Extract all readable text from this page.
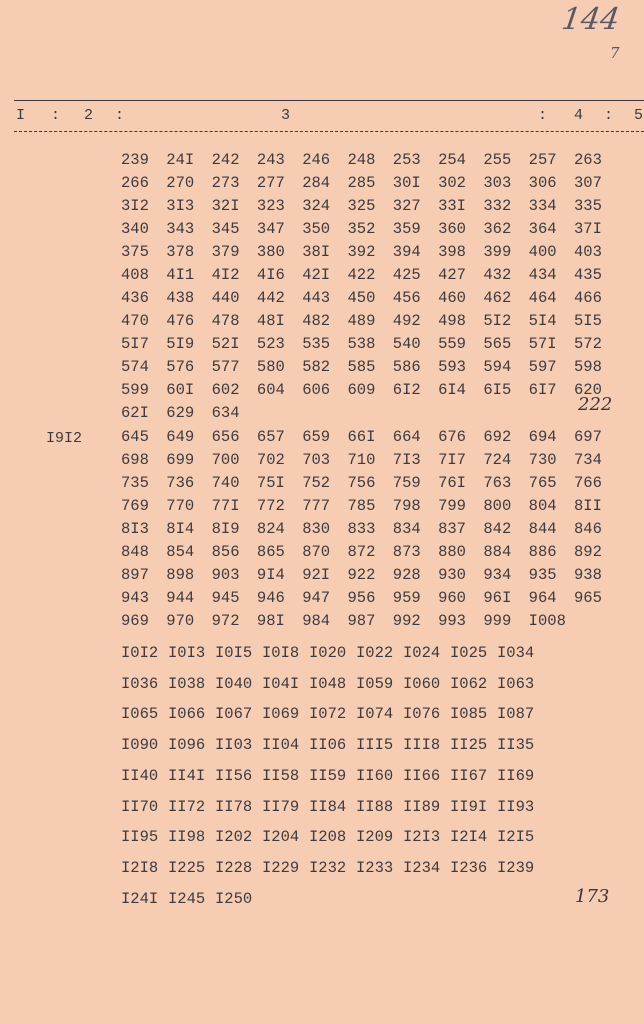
144
7
I : 2 :	3	: 4 : 5
I9I2
239 24I 242 243 246 248 253 254 255 257 263
266 270 273 277 284 285 30I 302 303 306 307
3I2 3I3 32I 323 324 325 327 33I 332 334 335
340 343 345 347 350 352 359 360 362 364 37I
375 378 379 380 38I 392 394 398 399 400 403
408 4I1 4I2 4I6 42I 422 425 427 432 434 435
436 438 440 442 443 450 456 460 462 464 466
470 476 478 48I 482 489 492 498 5I2 5I4 5I5
5I7 5I9 52I 523 535 538 540 559 565 57I 572
574 576 577 580 582 585 586 593 594 597 598
599 60I 602 604 606 609 6I2 6I4 6I5 6I7 620
62I 629 634
645 649 656 657 659 66I 664 676 692 694 697
698 699 700 702 703 710 7I3 7I7 724 730 734
735 736 740 75I 752 756 759 76I 763 765 766
769 770 77I 772 777 785 798 799 800 804 8II
8I3 8I4 8I9 824 830 833 834 837 842 844 846
848 854 856 865 870 872 873 880 884 886 892
897 898 903 9I4 92I 922 928 930 934 935 938
943 944 945 946 947 956 959 960 96I 964 965
969 970 972 98I 984 987 992 993 999 I008
I0I2 I0I3 I0I5 I0I8 I020 I022 I024 I025 I034
I036 I038 I040 I04I I048 I059 I060 I062 I063
I065 I066 I067 I069 I072 I074 I076 I085 I087
I090 I096 II03 II04 II06 III5 III8 II25 II35
II40 II4I II56 II58 II59 II60 II66 II67 II69
II70 II72 II78 II79 II84 II88 II89 II9I II93
II95 II98 I202 I204 I208 I209 I2I3 I2I4 I2I5
I2I8 I225 I228 I229 I232 I233 I234 I236 I239
I24I I245 I250
222
173
